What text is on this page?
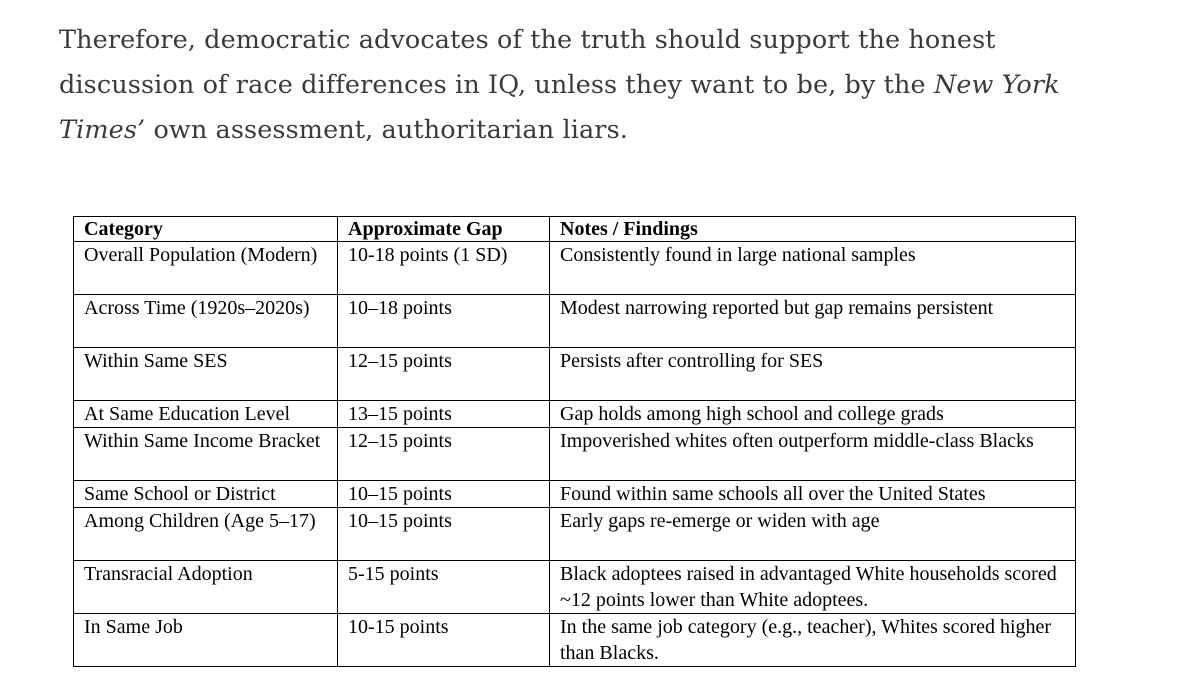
Therefore, democratic advocates of the truth should support the honest discussion of race differences in IQ, unless they want to be, by the New York Times’ own assessment, authoritarian liars.

Category	Approximate Gap	Notes / Findings
Overall Population (Modern)	10-18 points (1 SD)	Consistently found in large national samples
Across Time (1920s–2020s)	10–18 points	Modest narrowing reported but gap remains persistent
Within Same SES	12–15 points	Persists after controlling for SES
At Same Education Level	13–15 points	Gap holds among high school and college grads
Within Same Income Bracket	12–15 points	Impoverished whites often outperform middle-class Blacks
Same School or District	10–15 points	Found within same schools all over the United States
Among Children (Age 5–17)	10–15 points	Early gaps re-emerge or widen with age
Transracial Adoption	5-15 points	Black adoptees raised in advantaged White households scored ~12 points lower than White adoptees.
In Same Job	10-15 points	In the same job category (e.g., teacher), Whites scored higher than Blacks.
